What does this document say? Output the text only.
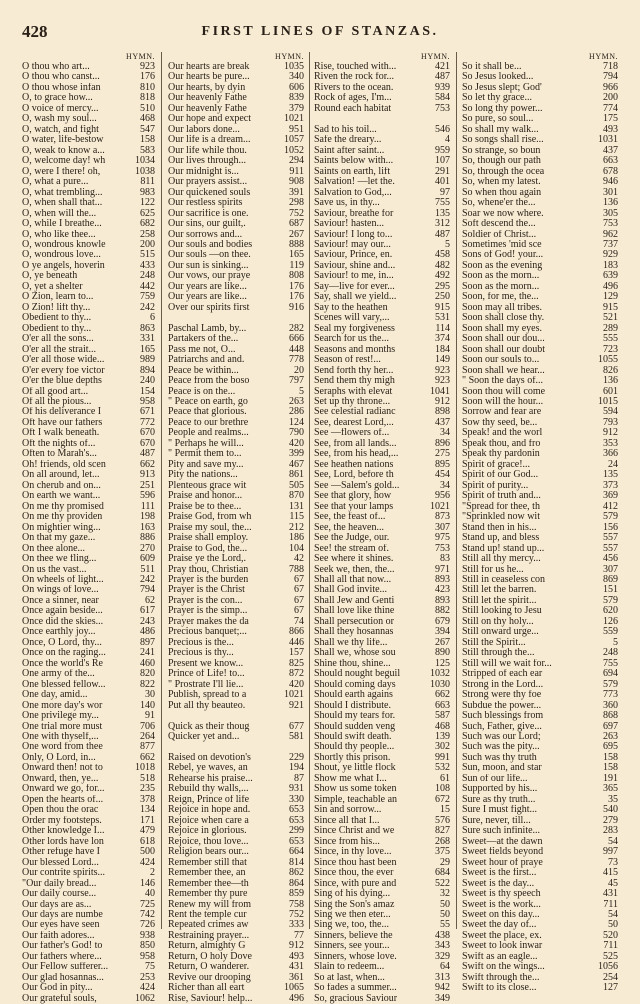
428	FIRST LINES OF STANZAS.
HYMN.
O thou who art...	923
O thou who canst...	176
O thou whose infan	810
O, to grace how...	818
O voice of mercy...	510
O, wash my soul...	468
O, watch, and fight	547
O water, life-bestow	158
O, weak to know a...	583
O, welcome day! wh	1034
O, were I there! oh,	1038
O, what a pure...	811
O, what trembling...	983
O, when shall that...	122
O, when will the...	625
O, while I breathe...	682
O, who like thee...	258
O, wondrous knowle	200
O, wondrous love...	515
O ye angels, hoverin	433
O, ye beneath	248
O, yet a shelter	442
O Zion, learn to...	759
O Zion! lift thy...	242
Obedient to thy...	6
Obedient to thy...	863
O'er all the sons...	331
O'er all the strait...	165
O'er all those wide...	989
O'er every foe victor	894
O'er the blue depths	240
Of all good art...	154
Of all the pious...	958
Of his deliverance I	671
Oft have our fathers	772
Oft I walk beneath.	670
Oft the nights of...	670
Often to Marah's...	487
Oh! friends, old scen	662
On all around, let...	913
On cherub and on...	251
On earth we want...	596
On me thy promised	111
On me thy providen	198
On mightier wing...	163
On that my gaze...	886
On thee alone...	270
On thee we fling...	609
On us the vast...	511
On wheels of light...	242
On wings of love...	794
Once a sinner, near	62
Once again beside...	617
Once did the skies...	243
Once earthly joy...	486
Once, O Lord, thy...	897
Once on the raging...	241
Once the world's Re	460
One army of the...	820
One blessed fellow...	822
One day, amid...	30
One more day's wor	140
One privilege my...	91
One trial more must	706
One with thyself,...	264
One word from thee	877
Only, O Lord, in...	662
Onward then! not to	1018
Onward, then, ye...	518
Onward we go, for...	235
Open the hearts of...	378
Open thou the orac	134
Order my footsteps.	171
Other knowledge I...	479
Other lords have lon	618
Other refuge have I	500
Our blessed Lord...	424
Our contrite spirits...	2
"Our daily bread...	146
Our daily course...	40
Our days are as...	725
Our days are numbe	742
Our eyes have seen	726
Our faith adores...	938
Our father's God! to	850
Our fathers where...	958
Our Fellow sufferer...	75
Our glad hosannas...	253
Our God in pity...	424
Our grateful souls,	1062
HYMN.
Our hearts are break	1035
Our hearts be pure...	340
Our hearts, by dyin	606
Our heavenly Fathe	839
Our heavenly Fathe	379
Our hope and expect	1021
Our labors done...	951
Our life is a dream...	1057
Our life while thou.	1052
Our lives through...	294
Our midnight is...	911
Our prayers assist...	908
Our quickened souls	391
Our restless spirits	298
Our sacrifice is one.	752
Our sins, our guilt,.	687
Our sorrows and...	267
Our souls and bodies	888
Our souls —on thee.	165
Our sun is sinking...	119
Our vows, our praye	808
Our years are like...	176
Our years are like...	176
Over our spirits first	916
Paschal Lamb, by...	282
Partakers of the...	666
Pass me not, O...	448
Patriarchs and and.	778
Peace be within...	20
Peace from the boso	797
Peace is on the...	5
" Peace on earth, go	263
Peace that glorious.	286
Peace to our brethre	124
People and realms...	790
" Perhaps he will...	420
" Permit them to...	399
Pity and save my...	467
Pity the nations...	861
Plenteous grace wit	505
Praise and honor...	870
Praise be to thee...	131
Praise God, from wh	115
Praise my soul, the...	212
Praise shall employ.	186
Praise to God, the...	104
Praise ye the Lord,.	42
Pray thou, Christian	788
Prayer is the burden	67
Prayer is the Christ	67
Prayer is the con...	67
Prayer is the simp...	67
Prayer makes the da	74
Precious banquet;...	866
Precious is the...	446
Precious is thy...	157
Present we know...	825
Prince of Life! to...	872
" Prostrate I'll lie...	420
Publish, spread to a	1021
Put all thy beauteo.	921
Quick as their thoug	677
Quicker yet and...	581
Raised on devotion's	229
Rebel, ye waves, an	194
Rehearse his praise...	87
Rebuild thy walls,...	931
Reign, Prince of life	330
Rejoice in hope and.	653
Rejoice when care a	653
Rejoice in glorious.	299
Rejoice, thou love...	653
Religion bears our...	664
Remember still that	814
Remember thee, an	862
Remember thee—th	864
Remember thy pure	859
Renew my will from	758
Rent the temple cur	752
Repeated crimes aw	333
Restraining prayer...	77
Return, almighty G	912
Return, O holy Dove	493
Return, O wanderer.	431
Revive our drooping	361
Richer than all eart	1065
Rise, Saviour! help...	496
HYMN.
Rise, touched with...	421
Riven the rock for...	487
Rivers to the ocean.	939
Rock of ages, I'm...	584
Round each habitat	753
Sad to his toil...	546
Safe the dreary...	4
Saint after saint...	959
Saints below with...	107
Saints on earth, lift	291
Salvation! —let the.	401
Salvation to God,...	97
Save us, in thy...	755
Saviour, breathe for	135
Saviour! hasten...	312
Saviour! I long to...	487
Saviour! may our...	5
Saviour, Prince, en.	458
Saviour, shine and...	482
Saviour! to me, in...	492
Say—live for ever...	295
Say, shall we yield...	250
Say to the heathen	915
Scenes will vary,...	531
Seal my forgiveness	114
Search for us the...	374
Seasons and months	184
Season of rest!...	149
Send forth thy her...	923
Send them thy migh	923
Seraphs with elevat	1041
Set up thy throne...	912
See celestial radianc	898
See, dearest Lord,...	437
See —flowers of...	34
See, from all lands...	896
See, from his head,...	275
See heathen nations	895
See, Lord, before th	454
See —Salem's gold...	34
See that glory, how	956
See that your lamps	1021
See, the feast of...	873
See, the heaven...	307
See the Judge, our.	975
See! the stream of.	753
See where it shines.	83
Seek we, then, the...	971
Shall all that now...	893
Shall God invite...	423
Shall Jew and Genti	893
Shall love like thine	882
Shall persecution or	679
Shall they hosannas	394
Shall we thy life...	267
Shall we, whose sou	890
Shine thou, shine...	125
Should nought beguil	1032
Should coming days	1030
Should earth agains	662
Should I distribute.	663
Should my tears for.	587
Should sudden veng	468
Should swift death.	139
Should thy people...	302
Shortly this prison.	991
Shout, ye little flock	532
Show me what I...	61
Show us some token	108
Simple, teachable an	672
Sin and sorrow...	15
Since all that I...	576
Since Christ and we	827
Since from his...	268
Since, in thy love...	375
Since thou hast been	29
Since thou, the ever	684
Since, with pure and	522
Sing of his dying...	32
Sing the Son's amaz	50
Sing we then eter...	50
Sing we, too, the...	55
Sinners, believe the	438
Sinners, see your...	343
Sinners, whose love.	329
Slain to redeem...	64
So at last, when...	313
So fades a summer...	942
So, gracious Saviour	349
HYMN.
So it shall be...	718
So Jesus looked...	794
So Jesus slept; God'	966
So let thy grace...	200
So long thy power...	774
So pure, so soul...	175
So shall my walk...	493
So songs shall rise...	1031
So strange, so boun	437
So, though our path	663
So, through the ocea	678
So, when my latest.	946
So when thou again	301
So, whene'er the...	136
Soar we now where.	305
Soft descend the...	753
Soldier of Christ...	962
Sometimes 'mid sce	737
Sons of God! your...	929
Soon as the evening	183
Soon as the morn...	639
Soon as the morn...	496
Soon, for me, the...	129
Soon may all tribes.	915
Soon shall close thy.	521
Soon shall my eyes.	289
Soon shall our dou...	555
Soon shall our doubt	723
Soon our souls to...	1055
Soon shall we hear...	826
" Soon the days of...	136
Soon thou will come	601
Soon will the hour...	1015
Sorrow and fear are	594
Sow thy seed, be...	793
Speak! and the worl	912
Speak thou, and fro	353
Speak thy pardonin	366
Spirit of grace!...	24
Spirit of our God...	135
Spirit of purity...	373
Spirit of truth and...	369
"Spread for thee, th	412
"Sprinkled now wit	579
Stand then in his...	156
Stand up, and bless	557
Stand up! stand up...	557
Still all thy mercy...	456
Still for us he...	307
Still in ceaseless con	869
Still let the barren.	151
Still let the spirit...	579
Still looking to Jesu	620
Still on thy holy...	126
Still onward urge...	559
Still the Spirit...	5
Still through the...	248
Still will we wait for...	755
Stripped of each ear	694
Strong in the Lord...	579
Strong were thy foe	773
Subdue the power...	360
Such blessings from	868
Such, Father, give...	697
Such was our Lord;	263
Such was the pity...	695
Such was thy truth	158
Sun, moon, and star	158
Sun of our life...	191
Supported by his...	365
Sure as thy truth...	35
Sure I must fight...	540
Sure, never, till...	279
Sure such infinite...	283
Sweet—at the dawn	54
Sweet fields beyond	997
Sweet hour of praye	73
Sweet is the first...	415
Sweet is the day...	45
Sweet is thy speech	431
Sweet is the work...	711
Sweet on this day...	54
Sweet the day of...	50
Sweet the place, ex.	520
Sweet to look inwar	711
Swift as an eagle...	525
Swift on the wings...	1056
Swift through the...	254
Swift to its close...	127
